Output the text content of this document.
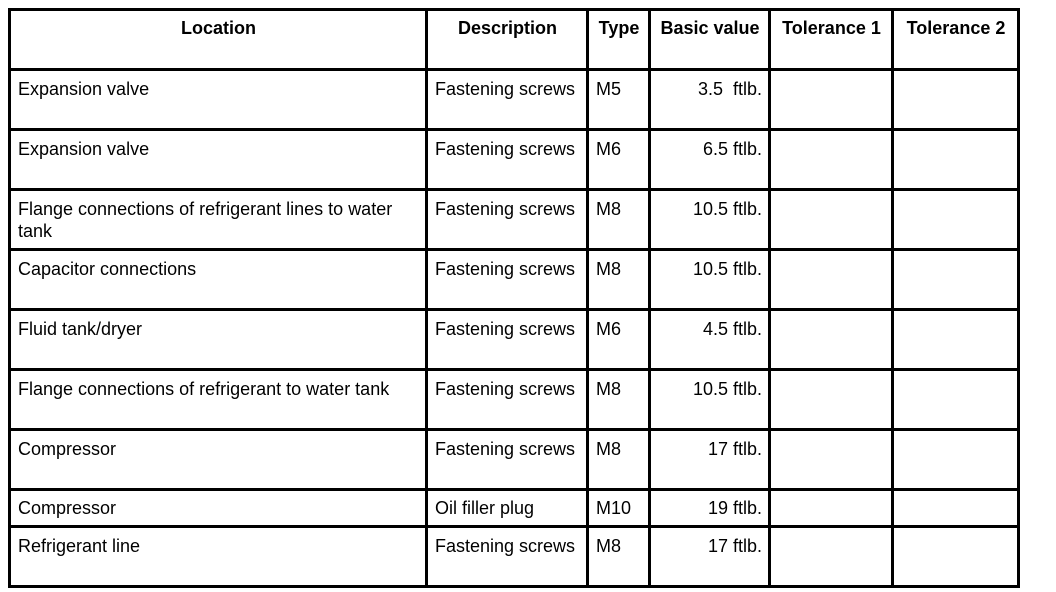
Location	Description	Type	Basic value	Tolerance 1	Tolerance 2
Expansion valve	Fastening screws	M5	3.5  ftlb.		
Expansion valve	Fastening screws	M6	6.5 ftlb.		
Flange connections of refrigerant lines to water tank	Fastening screws	M8	10.5 ftlb.		
Capacitor connections	Fastening screws	M8	10.5 ftlb.		
Fluid tank/dryer	Fastening screws	M6	4.5 ftlb.		
Flange connections of refrigerant to water tank	Fastening screws	M8	10.5 ftlb.		
Compressor	Fastening screws	M8	17 ftlb.		
Compressor	Oil filler plug	M10	19 ftlb.		
Refrigerant line	Fastening screws	M8	17 ftlb.		
